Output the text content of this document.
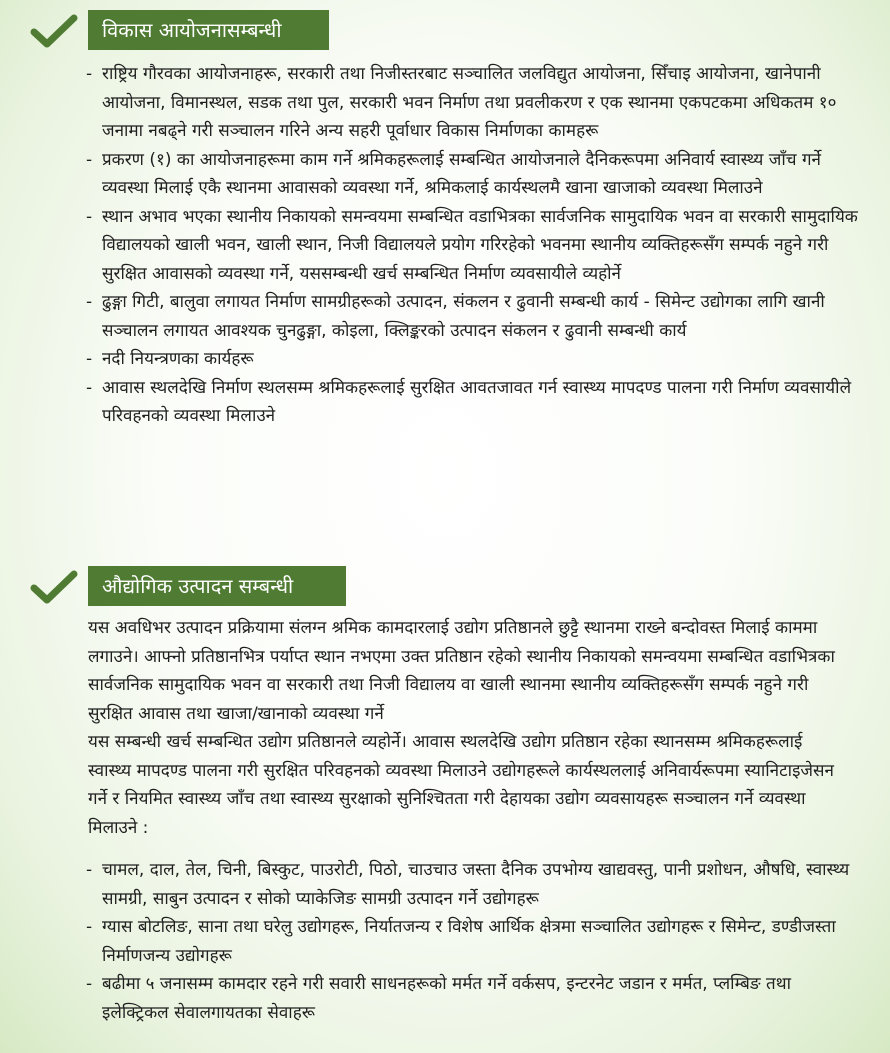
विकास आयोजनासम्बन्धी
- राष्ट्रिय गौरवका आयोजनाहरू, सरकारी तथा निजीस्तरबाट सञ्चालित जलविद्युत आयोजना, सिँचाइ आयोजना, खानेपानी आयोजना, विमानस्थल, सडक तथा पुल, सरकारी भवन निर्माण तथा प्रवलीकरण र एक स्थानमा एकपटकमा अधिकतम १० जनामा नबढ्ने गरी सञ्चालन गरिने अन्य सहरी पूर्वाधार विकास निर्माणका कामहरू
- प्रकरण (१) का आयोजनाहरूमा काम गर्ने श्रमिकहरूलाई सम्बन्धित आयोजनाले दैनिकरूपमा अनिवार्य स्वास्थ्य जाँच गर्ने व्यवस्था मिलाई एकै स्थानमा आवासको व्यवस्था गर्ने, श्रमिकलाई कार्यस्थलमै खाना खाजाको व्यवस्था मिलाउने
- स्थान अभाव भएका स्थानीय निकायको समन्वयमा सम्बन्धित वडाभित्रका सार्वजनिक सामुदायिक भवन वा सरकारी सामुदायिक विद्यालयको खाली भवन, खाली स्थान, निजी विद्यालयले प्रयोग गरिरहेको भवनमा स्थानीय व्यक्तिहरूसँग सम्पर्क नहुने गरी सुरक्षित आवासको व्यवस्था गर्ने, यससम्बन्धी खर्च सम्बन्धित निर्माण व्यवसायीले व्यहोर्ने
- ढुङ्गा गिटी, बालुवा लगायत निर्माण सामग्रीहरूको उत्पादन, संकलन र ढुवानी सम्बन्धी कार्य - सिमेन्ट उद्योगका लागि खानी सञ्चालन लगायत आवश्यक चुनढुङ्गा, कोइला, क्लिङ्करको उत्पादन संकलन र ढुवानी सम्बन्धी कार्य
- नदी नियन्त्रणका कार्यहरू
- आवास स्थलदेखि निर्माण स्थलसम्म श्रमिकहरूलाई सुरक्षित आवतजावत गर्न स्वास्थ्य मापदण्ड पालना गरी निर्माण व्यवसायीले परिवहनको व्यवस्था मिलाउने
औद्योगिक उत्पादन सम्बन्धी

यस अवधिभर उत्पादन प्रक्रियामा संलग्न श्रमिक कामदारलाई उद्योग प्रतिष्ठानले छुट्टै स्थानमा राख्ने बन्दोवस्त मिलाई काममा लगाउने। आफ्नो प्रतिष्ठानभित्र पर्याप्त स्थान नभएमा उक्त प्रतिष्ठान रहेको स्थानीय निकायको समन्वयमा सम्बन्धित वडाभित्रका सार्वजनिक सामुदायिक भवन वा सरकारी तथा निजी विद्यालय वा खाली स्थानमा स्थानीय व्यक्तिहरूसँग सम्पर्क नहुने गरी सुरक्षित आवास तथा खाजा/खानाको व्यवस्था गर्ने

यस सम्बन्धी खर्च सम्बन्धित उद्योग प्रतिष्ठानले व्यहोर्ने। आवास स्थलदेखि उद्योग प्रतिष्ठान रहेका स्थानसम्म श्रमिकहरूलाई स्वास्थ्य मापदण्ड पालना गरी सुरक्षित परिवहनको व्यवस्था मिलाउने उद्योगहरूले कार्यस्थललाई अनिवार्यरूपमा स्यानिटाइजेसन गर्ने र नियमित स्वास्थ्य जाँच तथा स्वास्थ्य सुरक्षाको सुनिश्चितता गरी देहायका उद्योग व्यवसायहरू सञ्चालन गर्ने व्यवस्था मिलाउने :

- चामल, दाल, तेल, चिनी, बिस्कुट, पाउरोटी, पिठो, चाउचाउ जस्ता दैनिक उपभोग्य खाद्यवस्तु, पानी प्रशोधन, औषधि, स्वास्थ्य सामग्री, साबुन उत्पादन र सोको प्याकेजिङ सामग्री उत्पादन गर्ने उद्योगहरू
- ग्यास बोटलिङ, साना तथा घरेलु उद्योगहरू, निर्यातजन्य र विशेष आर्थिक क्षेत्रमा सञ्चालित उद्योगहरू र सिमेन्ट, डण्डीजस्ता निर्माणजन्य उद्योगहरू
- बढीमा ५ जनासम्म कामदार रहने गरी सवारी साधनहरूको मर्मत गर्ने वर्कसप, इन्टरनेट जडान र मर्मत, प्लम्बिङ तथा इलेक्ट्रिकल सेवालगायतका सेवाहरू
